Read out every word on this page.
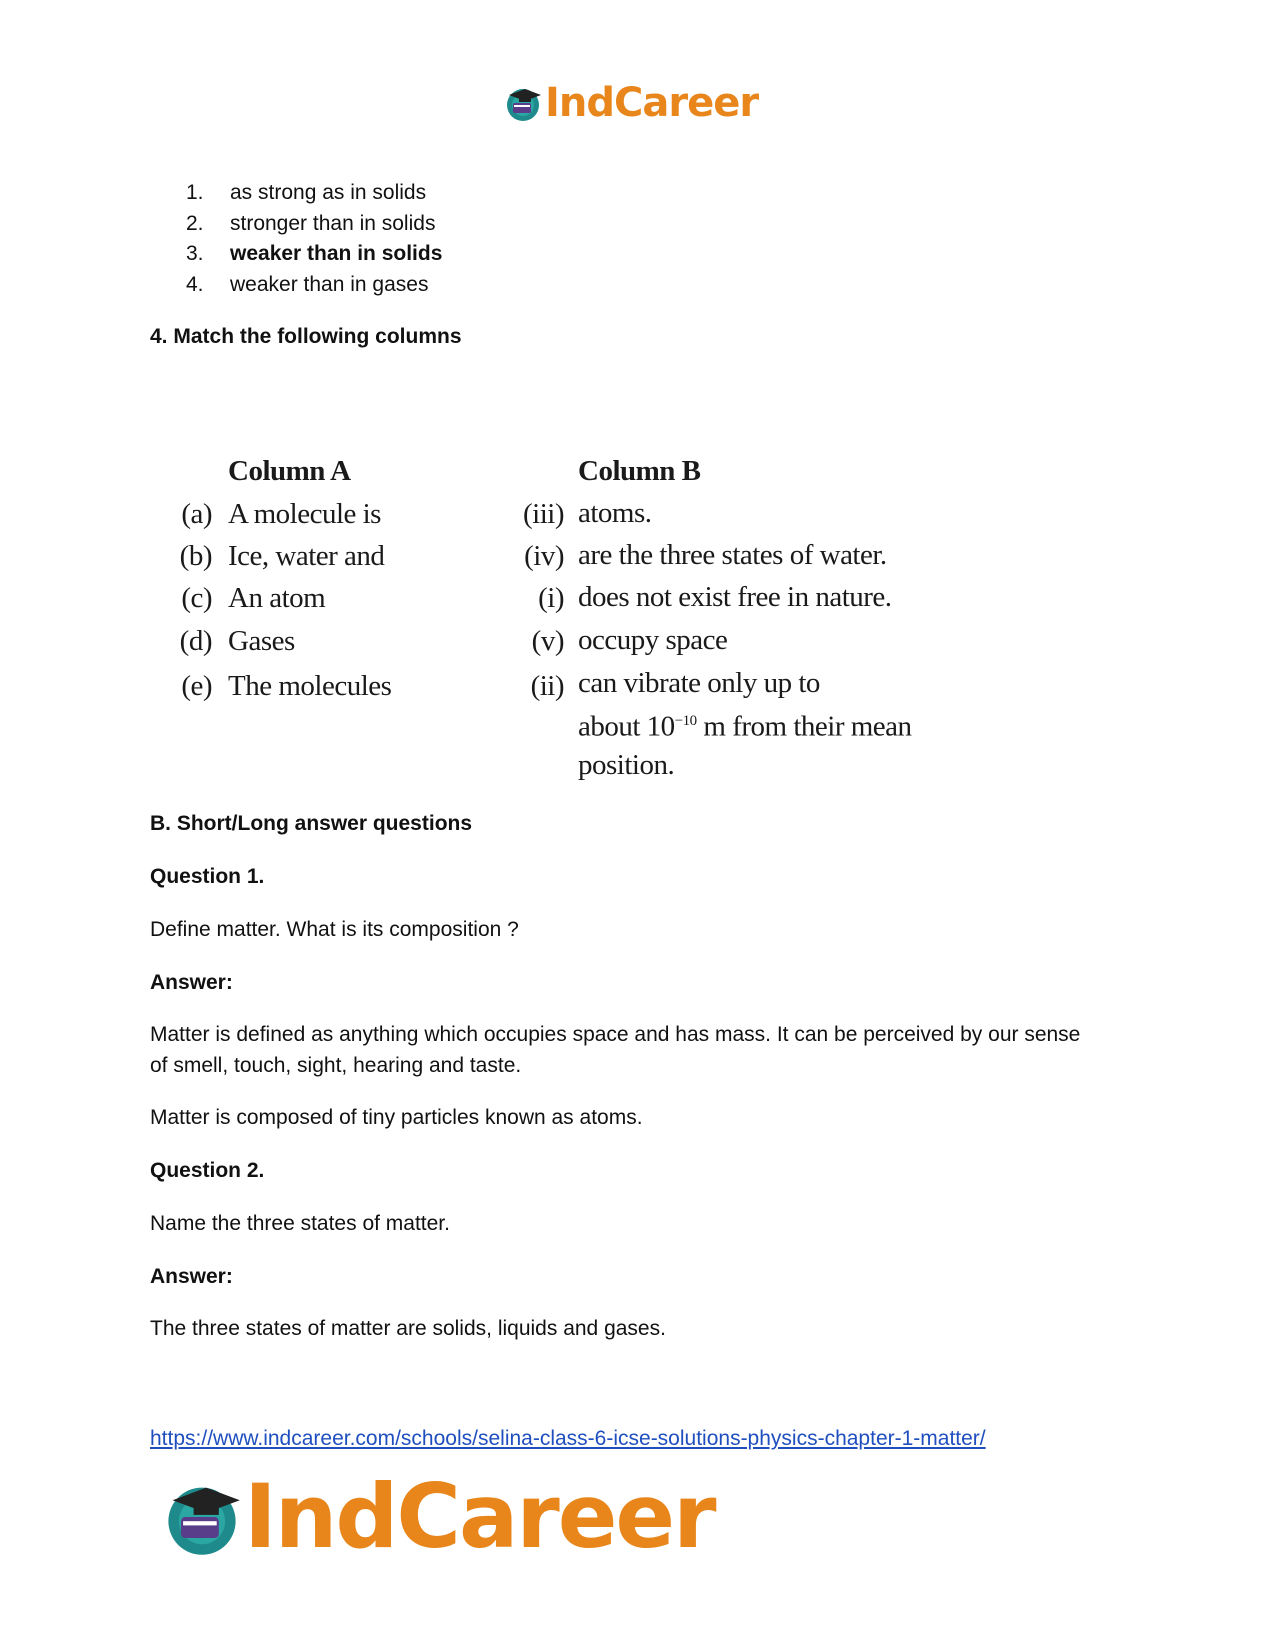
IndCareer
1.	as strong as in solids
2.	stronger than in solids
3.	weaker than in solids
4.	weaker than in gases

4. Match the following columns

Column A	Column B
(a) A molecule is	(iii) atoms.
(b) Ice, water and	(iv) are the three states of water.
(c) An atom	(i) does not exist free in nature.
(d) Gases	(v) occupy space
(e) The molecules	(ii) can vibrate only up to
about $10^{-10}$ m from their mean
position.

B. Short/Long answer questions

Question 1.

Define matter. What is its composition ?

Answer:

Matter is defined as anything which occupies space and has mass. It can be perceived by our sense of smell, touch, sight, hearing and taste.

Matter is composed of tiny particles known as atoms.

Question 2.

Name the three states of matter.

Answer:

The three states of matter are solids, liquids and gases.

https://www.indcareer.com/schools/selina-class-6-icse-solutions-physics-chapter-1-matter/
IndCareer
